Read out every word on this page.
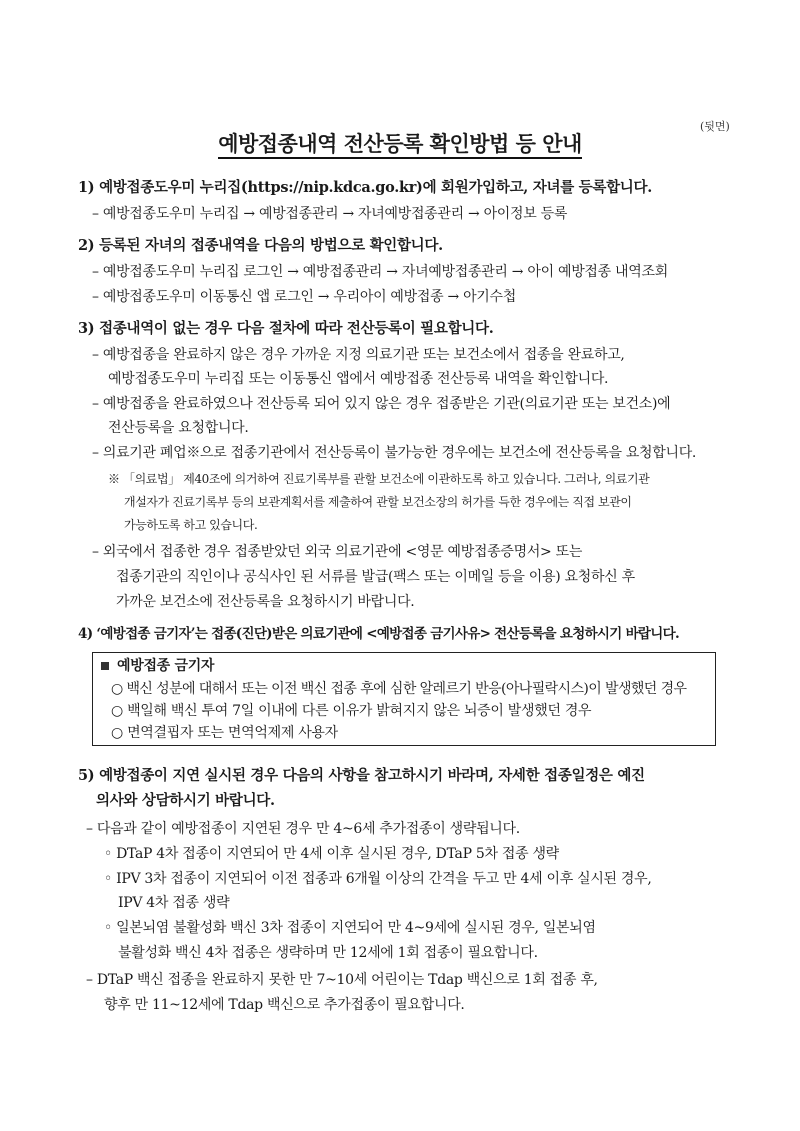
(뒷면)
예방접종내역 전산등록 확인방법 등 안내
1) 예방접종도우미 누리집(https://nip.kdca.go.kr)에 회원가입하고, 자녀를 등록합니다.
– 예방접종도우미 누리집 → 예방접종관리 → 자녀예방접종관리 → 아이정보 등록
2) 등록된 자녀의 접종내역을 다음의 방법으로 확인합니다.
– 예방접종도우미 누리집 로그인 → 예방접종관리 → 자녀예방접종관리 → 아이 예방접종 내역조회
– 예방접종도우미 이동통신 앱 로그인 → 우리아이 예방접종 → 아기수첩
3) 접종내역이 없는 경우 다음 절차에 따라 전산등록이 필요합니다.
– 예방접종을 완료하지 않은 경우 가까운 지정 의료기관 또는 보건소에서 접종을 완료하고,
예방접종도우미 누리집 또는 이동통신 앱에서 예방접종 전산등록 내역을 확인합니다.
– 예방접종을 완료하였으나 전산등록 되어 있지 않은 경우 접종받은 기관(의료기관 또는 보건소)에
전산등록을 요청합니다.
– 의료기관 폐업※으로 접종기관에서 전산등록이 불가능한 경우에는 보건소에 전산등록을 요청합니다.
※ 「의료법」 제40조에 의거하여 진료기록부를 관할 보건소에 이관하도록 하고 있습니다. 그러나, 의료기관
개설자가 진료기록부 등의 보관계획서를 제출하여 관할 보건소장의 허가를 득한 경우에는 직접 보관이
가능하도록 하고 있습니다.
– 외국에서 접종한 경우 접종받았던 외국 의료기관에 <영문 예방접종증명서> 또는
접종기관의 직인이나 공식사인 된 서류를 발급(팩스 또는 이메일 등을 이용) 요청하신 후
가까운 보건소에 전산등록을 요청하시기 바랍니다.
4) ‘예방접종 금기자’는 접종(진단)받은 의료기관에 <예방접종 금기사유> 전산등록을 요청하시기 바랍니다.
예방접종 금기자
○ 백신 성분에 대해서 또는 이전 백신 접종 후에 심한 알레르기 반응(아나필락시스)이 발생했던 경우
○ 백일해 백신 투여 7일 이내에 다른 이유가 밝혀지지 않은 뇌증이 발생했던 경우
○ 면역결핍자 또는 면역억제제 사용자
5) 예방접종이 지연 실시된 경우 다음의 사항을 참고하시기 바라며, 자세한 접종일정은 예진
의사와 상담하시기 바랍니다.
– 다음과 같이 예방접종이 지연된 경우 만 4~6세 추가접종이 생략됩니다.
◦ DTaP 4차 접종이 지연되어 만 4세 이후 실시된 경우, DTaP 5차 접종 생략
◦ IPV 3차 접종이 지연되어 이전 접종과 6개월 이상의 간격을 두고 만 4세 이후 실시된 경우,
IPV 4차 접종 생략
◦ 일본뇌염 불활성화 백신 3차 접종이 지연되어 만 4~9세에 실시된 경우, 일본뇌염
불활성화 백신 4차 접종은 생략하며 만 12세에 1회 접종이 필요합니다.
– DTaP 백신 접종을 완료하지 못한 만 7~10세 어린이는 Tdap 백신으로 1회 접종 후,
향후 만 11~12세에 Tdap 백신으로 추가접종이 필요합니다.
